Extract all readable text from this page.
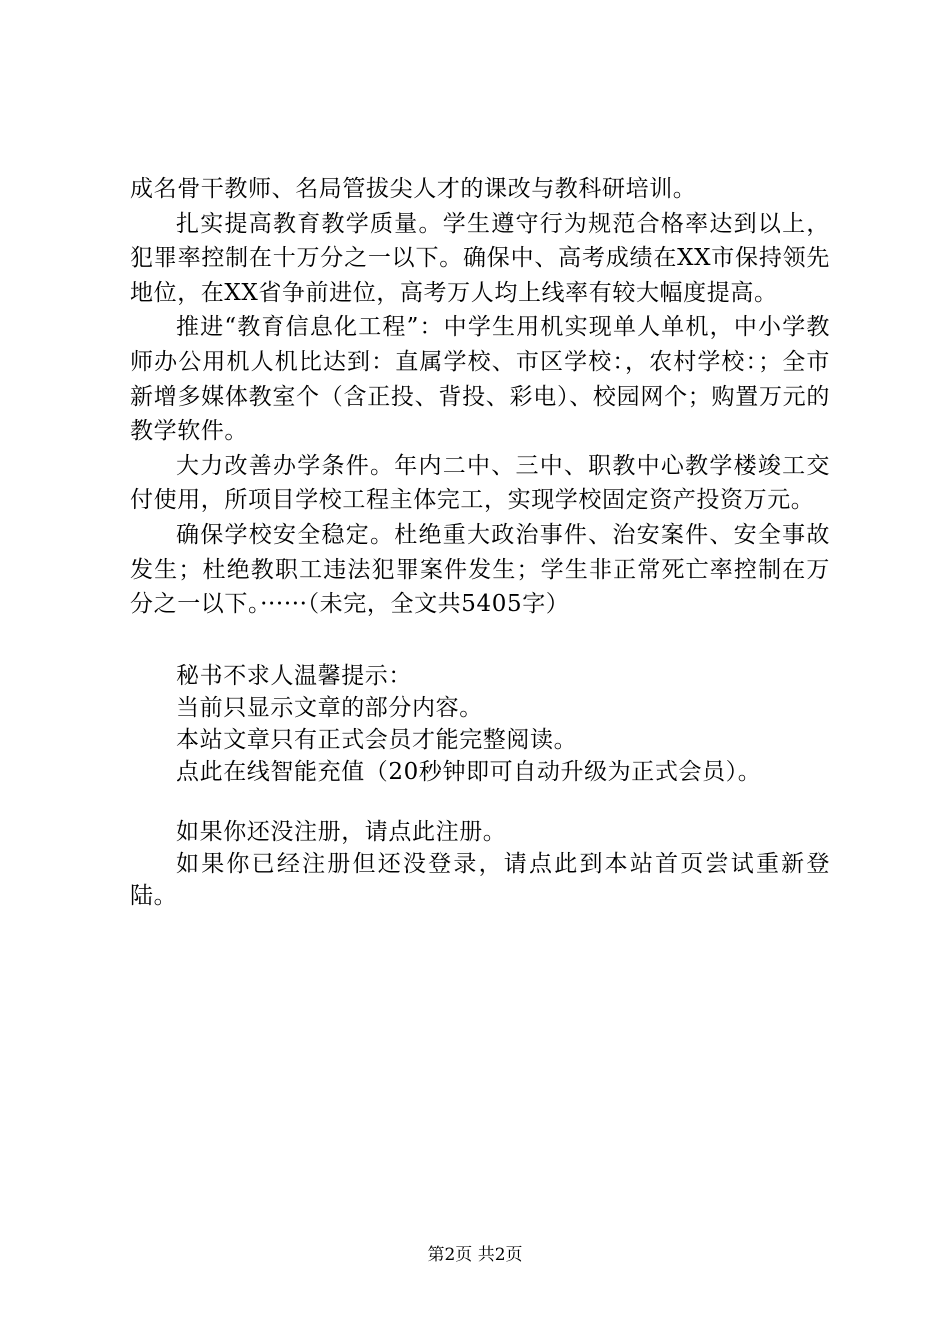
成名骨干教师、名局管拔尖人才的课改与教科研培训。

扎实提高教育教学质量。学生遵守行为规范合格率达到以上，犯罪率控制在十万分之一以下。确保中、高考成绩在XX市保持领先地位，在XX省争前进位，高考万人均上线率有较大幅度提高。

推进“教育信息化工程”：中学生用机实现单人单机，中小学教师办公用机人机比达到：直属学校、市区学校：，农村学校：；全市新增多媒体教室个（含正投、背投、彩电）、校园网个；购置万元的教学软件。

大力改善办学条件。年内二中、三中、职教中心教学楼竣工交付使用，所项目学校工程主体完工，实现学校固定资产投资万元。

确保学校安全稳定。杜绝重大政治事件、治安案件、安全事故发生；杜绝教职工违法犯罪案件发生；学生非正常死亡率控制在万分之一以下。······（未完，全文共5405字）

秘书不求人温馨提示：

当前只显示文章的部分内容。

本站文章只有正式会员才能完整阅读。

点此在线智能充值（20秒钟即可自动升级为正式会员）。

如果你还没注册，请点此注册。

如果你已经注册但还没登录，请点此到本站首页尝试重新登陆。

第2页 共2页
